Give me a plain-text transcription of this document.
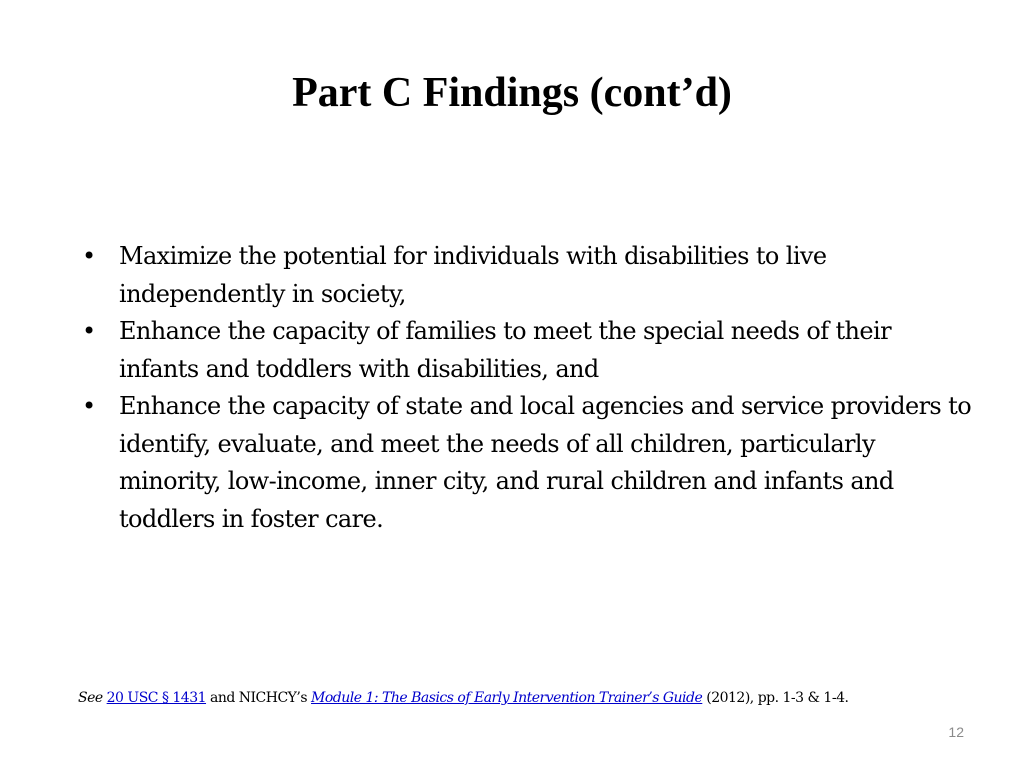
Part C Findings (cont’d)
• Maximize the potential for individuals with disabilities to live independently in society,
• Enhance the capacity of families to meet the special needs of their infants and toddlers with disabilities, and
• Enhance the capacity of state and local agencies and service providers to identify, evaluate, and meet the needs of all children, particularly minority, low-income, inner city, and rural children and infants and toddlers in foster care.
See 20 USC § 1431 and NICHCY’s Module 1: The Basics of Early Intervention Trainer’s Guide (2012), pp. 1-3 & 1-4.
12
